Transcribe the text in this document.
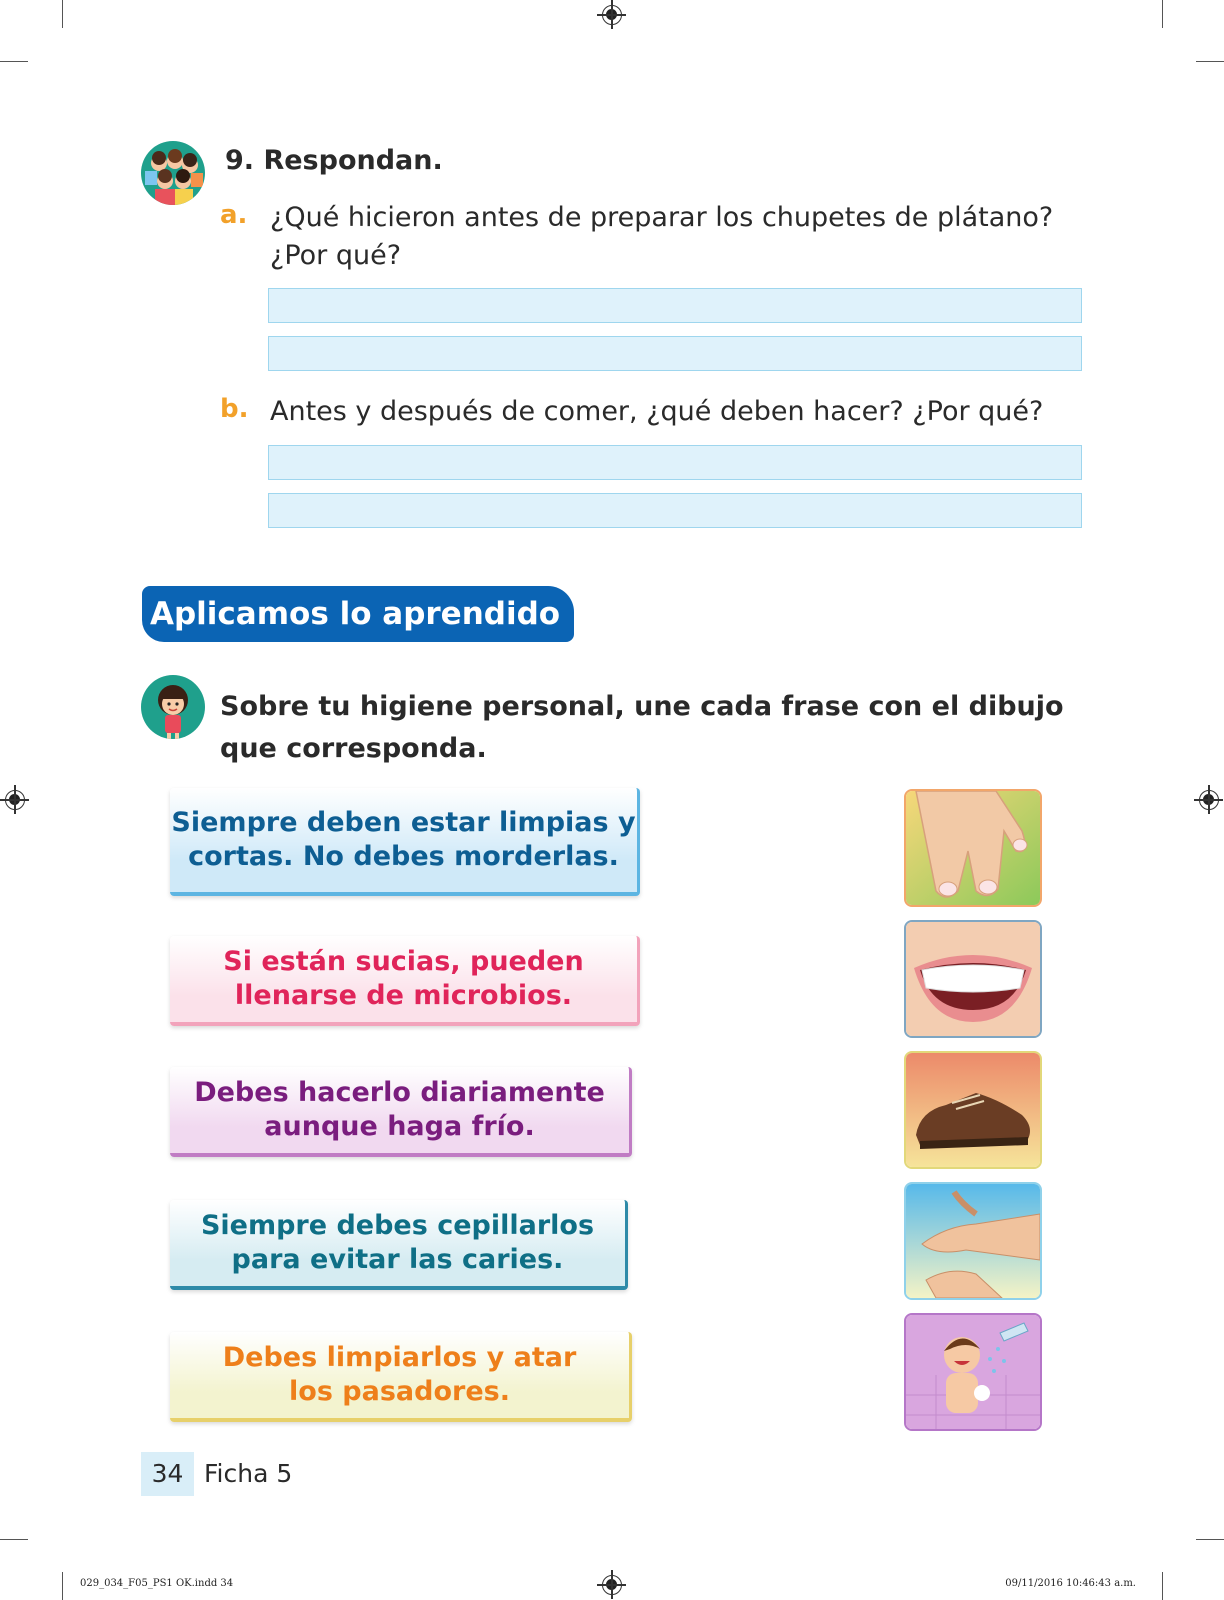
9. Respondan.
a. ¿Qué hicieron antes de preparar los chupetes de plátano?
¿Por qué?
b. Antes y después de comer, ¿qué deben hacer? ¿Por qué?
Aplicamos lo aprendido
Sobre tu higiene personal, une cada frase con el dibujo
que corresponda.
Siempre deben estar limpias y
cortas. No debes morderlas.
Si están sucias, pueden
llenarse de microbios.
Debes hacerlo diariamente
aunque haga frío.
Siempre debes cepillarlos
para evitar las caries.
Debes limpiarlos y atar
los pasadores.
34 Ficha 5
029_034_F05_PS1 OK.indd 34	09/11/2016 10:46:43 a.m.
